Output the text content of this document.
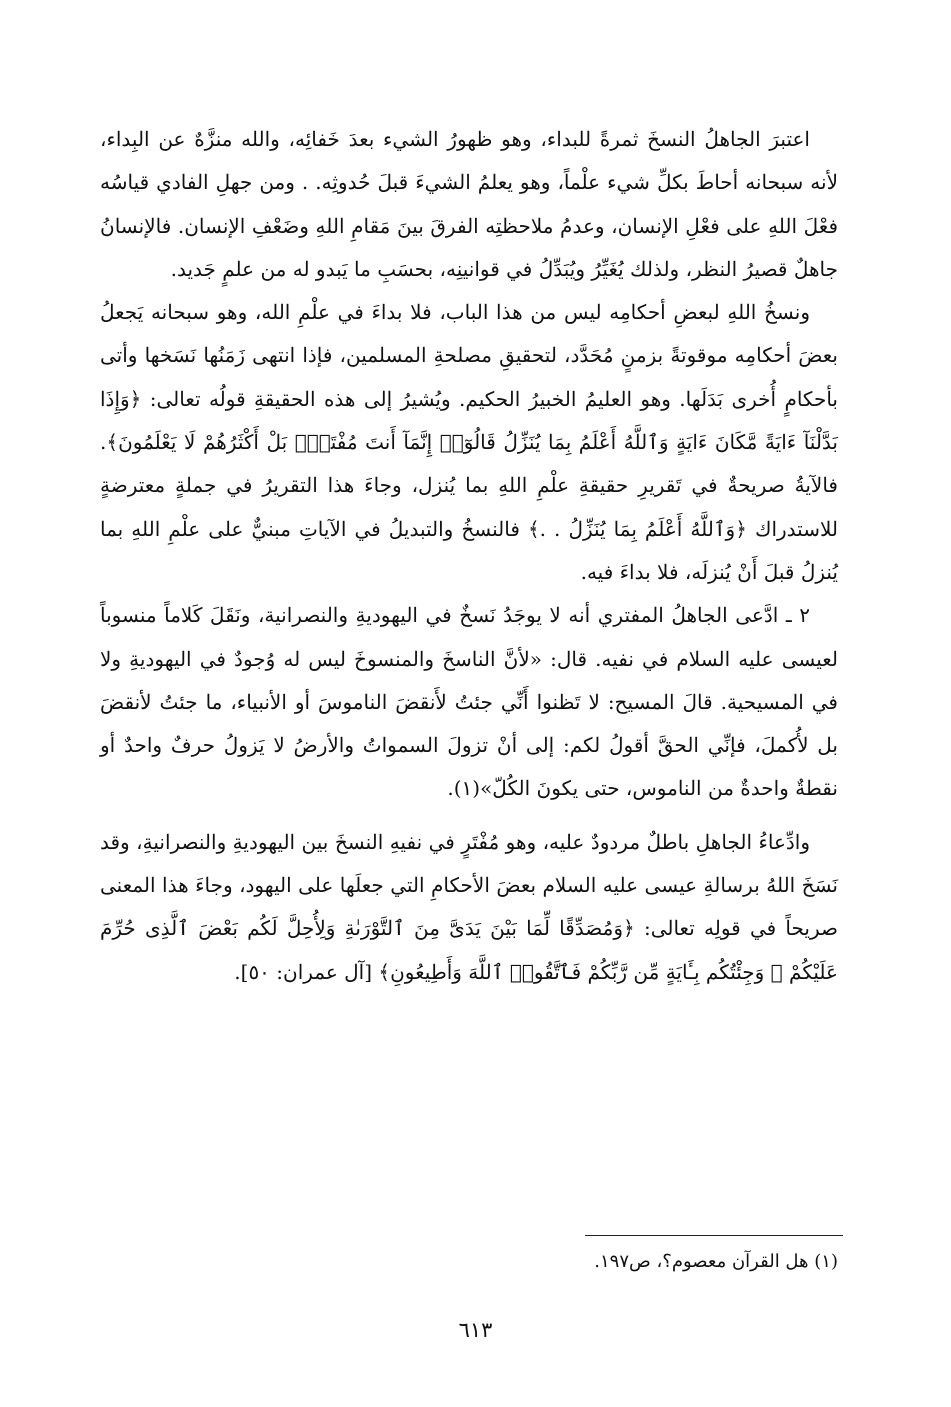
اعتبرَ الجاهلُ النسخَ ثمرةً للبداء، وهو ظهورُ الشيء بعدَ خَفائِه، والله منزَّهٌ عن البِداء، لأنه سبحانه أحاطَ بكلِّ شيء علْماً، وهو يعلمُ الشيءَ قبلَ حُدوثِه. . ومن جهلِ الفادي قياسُه فعْلَ اللهِ على فعْلِ الإنسان، وعدمُ ملاحظتِه الفرقَ بينَ مَقامِ اللهِ وضَعْفِ الإنسان. فالإنسانُ جاهلٌ قصيرُ النظر، ولذلك يُغَيِّرُ ويُبَدِّلُ في قوانينِه، بحسَبِ ما يَبدو له من علمٍ جَديد.

ونسخُ اللهِ لبعضِ أحكامِه ليس من هذا الباب، فلا بداءَ في علْمِ الله، وهو سبحانه يَجعلُ بعضَ أحكامِه موقوتةً بزمنٍ مُحَدَّد، لتحقيقِ مصلحةِ المسلمين، فإذا انتهى زَمَنُها نَسَخها وأتى بأحكامٍ أُخرى بَدَلَها. وهو العليمُ الخبيرُ الحكيم. ويُشيرُ إلى هذه الحقيقةِ قولُه تعالى: ﴿وَإِذَا بَدَّلْنَآ ءَايَةً مَّكَانَ ءَايَةٍ وَٱللَّهُ أَعْلَمُ بِمَا يُنَزِّلُ قَالُوٓا۟ إِنَّمَآ أَنتَ مُفْتَرٍۭ بَلْ أَكْثَرُهُمْ لَا يَعْلَمُونَ﴾. فالآيةُ صريحةٌ في تَقريرِ حقيقةِ علْمِ اللهِ بما يُنزل، وجاءَ هذا التقريرُ في جملةٍ معترضةٍ للاستدراك ﴿وَٱللَّهُ أَعْلَمُ بِمَا يُنَزِّلُ . .﴾ فالنسخُ والتبديلُ في الآياتِ مبنيٌّ على علْمِ اللهِ بما يُنزلُ قبلَ أَنْ يُنزلَه، فلا بداءَ فيه.

٢ ـ ادَّعى الجاهلُ المفتري أنه لا يوجَدُ نَسخٌ في اليهوديةِ والنصرانية، ونَقَلَ كَلاماً منسوباً لعيسى عليه السلام في نفيه. قال: «لأنَّ الناسخَ والمنسوخَ ليس له وُجودٌ في اليهوديةِ ولا في المسيحية. قالَ المسيح: لا تَظنوا أَنِّي جئتُ لأَنقضَ الناموسَ أو الأنبياء، ما جئتُ لأنقضَ بل لأُكملَ، فإنِّي الحقَّ أقولُ لكم: إلى أنْ تزولَ السمواتُ والأرضُ لا يَزولُ حرفٌ واحدٌ أو نقطةٌ واحدةٌ من الناموس، حتى يكونَ الكُلّ»(١).

وادِّعاءُ الجاهلِ باطلٌ مردودٌ عليه، وهو مُفْتَرٍ في نفيهِ النسخَ بين اليهوديةِ والنصرانيةِ، وقد نَسَخَ اللهُ برسالةِ عيسى عليه السلام بعضَ الأحكامِ التي جعلَها على اليهود، وجاءَ هذا المعنى صريحاً في قولِه تعالى: ﴿وَمُصَدِّقًا لِّمَا بَيْنَ يَدَىَّ مِنَ ٱلتَّوْرَىٰةِ وَلِأُحِلَّ لَكُم بَعْضَ ٱلَّذِى حُرِّمَ عَلَيْكُمْ ۚ وَجِئْتُكُم بِـَٔايَةٍ مِّن رَّبِّكُمْ فَٱتَّقُوا۟ ٱللَّهَ وَأَطِيعُونِ﴾ [آل عمران: ٥٠].

(١) هل القرآن معصوم؟، ص١٩٧.
٦١٣
